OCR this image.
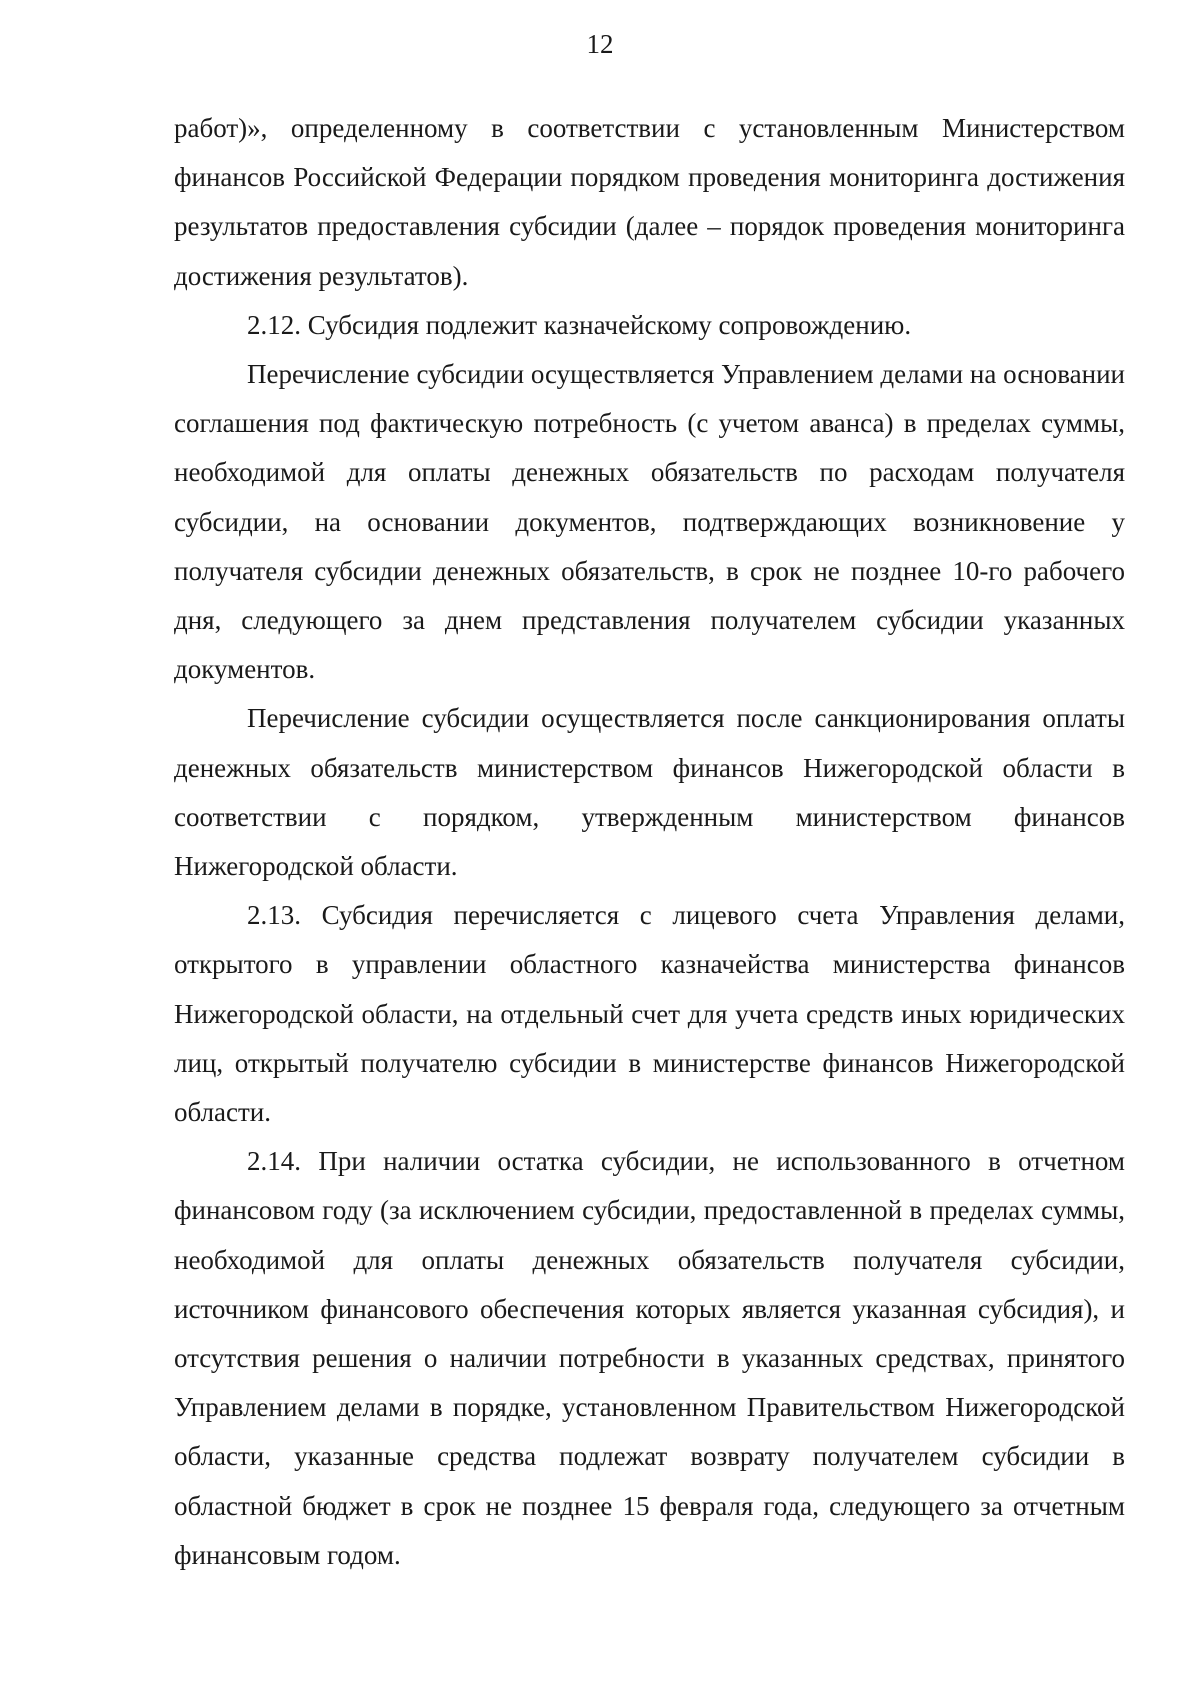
12

работ)», определенному в соответствии с установленным Министерством финансов Российской Федерации порядком проведения мониторинга достижения результатов предоставления субсидии (далее – порядок проведения мониторинга достижения результатов).

2.12. Субсидия подлежит казначейскому сопровождению.

Перечисление субсидии осуществляется Управлением делами на основании соглашения под фактическую потребность (с учетом аванса) в пределах суммы, необходимой для оплаты денежных обязательств по расходам получателя субсидии, на основании документов, подтверждающих возникновение у получателя субсидии денежных обязательств, в срок не позднее 10-го рабочего дня, следующего за днем представления получателем субсидии указанных документов.

Перечисление субсидии осуществляется после санкционирования оплаты денежных обязательств министерством финансов Нижегородской области в соответствии с порядком, утвержденным министерством финансов Нижегородской области.

2.13. Субсидия перечисляется с лицевого счета Управления делами, открытого в управлении областного казначейства министерства финансов Нижегородской области, на отдельный счет для учета средств иных юридических лиц, открытый получателю субсидии в министерстве финансов Нижегородской области.

2.14. При наличии остатка субсидии, не использованного в отчетном финансовом году (за исключением субсидии, предоставленной в пределах суммы, необходимой для оплаты денежных обязательств получателя субсидии, источником финансового обеспечения которых является указанная субсидия), и отсутствия решения о наличии потребности в указанных средствах, принятого Управлением делами в порядке, установленном Правительством Нижегородской области, указанные средства подлежат возврату получателем субсидии в областной бюджет в срок не позднее 15 февраля года, следующего за отчетным финансовым годом.
